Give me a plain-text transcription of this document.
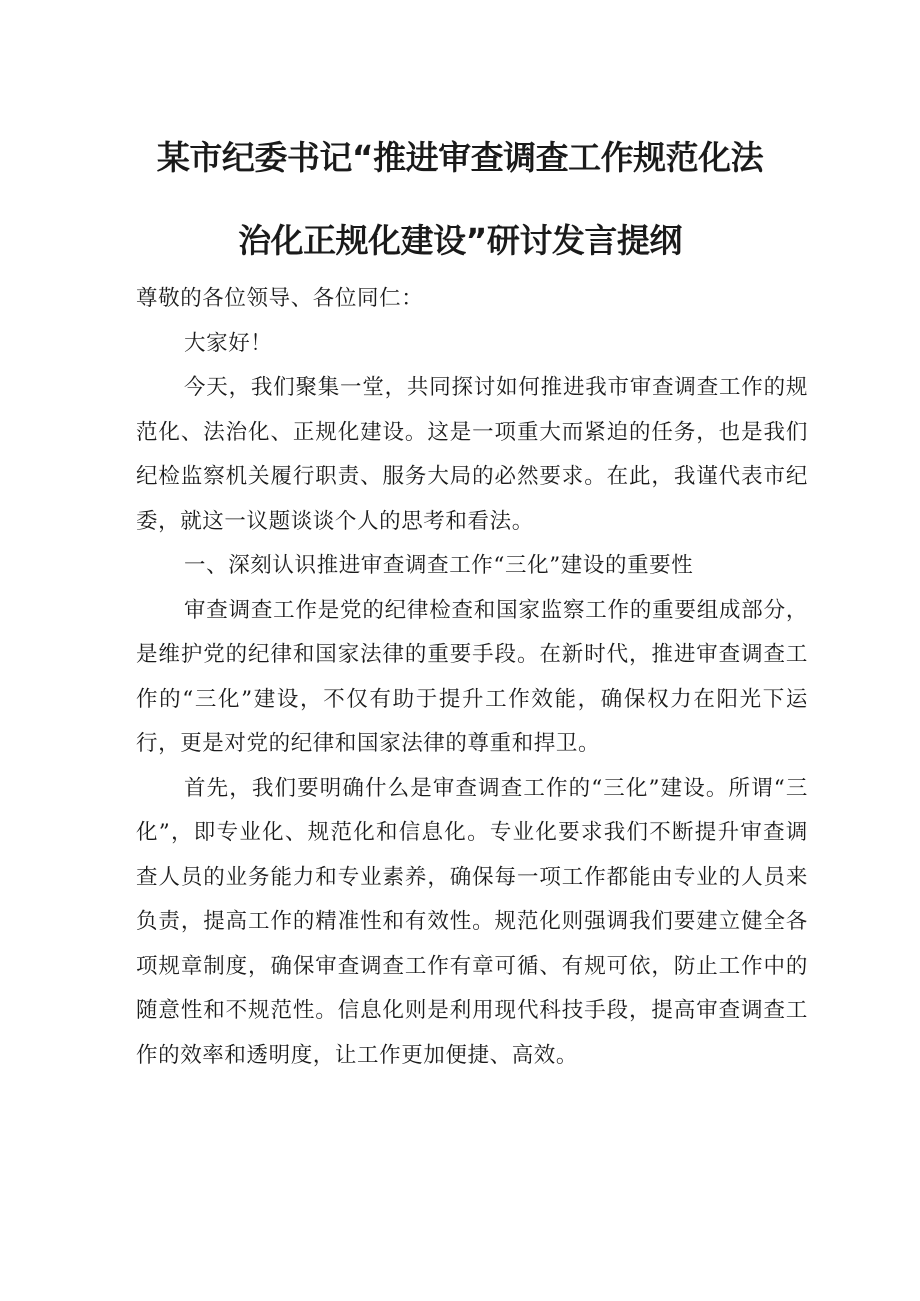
某市纪委书记“推进审查调查工作规范化法
治化正规化建设”研讨发言提纲

尊敬的各位领导、各位同仁：

大家好！

今天，我们聚集一堂，共同探讨如何推进我市审查调查工作的规范化、法治化、正规化建设。这是一项重大而紧迫的任务，也是我们纪检监察机关履行职责、服务大局的必然要求。在此，我谨代表市纪委，就这一议题谈谈个人的思考和看法。

一、深刻认识推进审查调查工作“三化”建设的重要性

审查调查工作是党的纪律检查和国家监察工作的重要组成部分，是维护党的纪律和国家法律的重要手段。在新时代，推进审查调查工作的“三化”建设，不仅有助于提升工作效能，确保权力在阳光下运行，更是对党的纪律和国家法律的尊重和捍卫。

首先，我们要明确什么是审查调查工作的“三化”建设。所谓“三化”，即专业化、规范化和信息化。专业化要求我们不断提升审查调查人员的业务能力和专业素养，确保每一项工作都能由专业的人员来负责，提高工作的精准性和有效性。规范化则强调我们要建立健全各项规章制度，确保审查调查工作有章可循、有规可依，防止工作中的随意性和不规范性。信息化则是利用现代科技手段，提高审查调查工作的效率和透明度，让工作更加便捷、高效。
